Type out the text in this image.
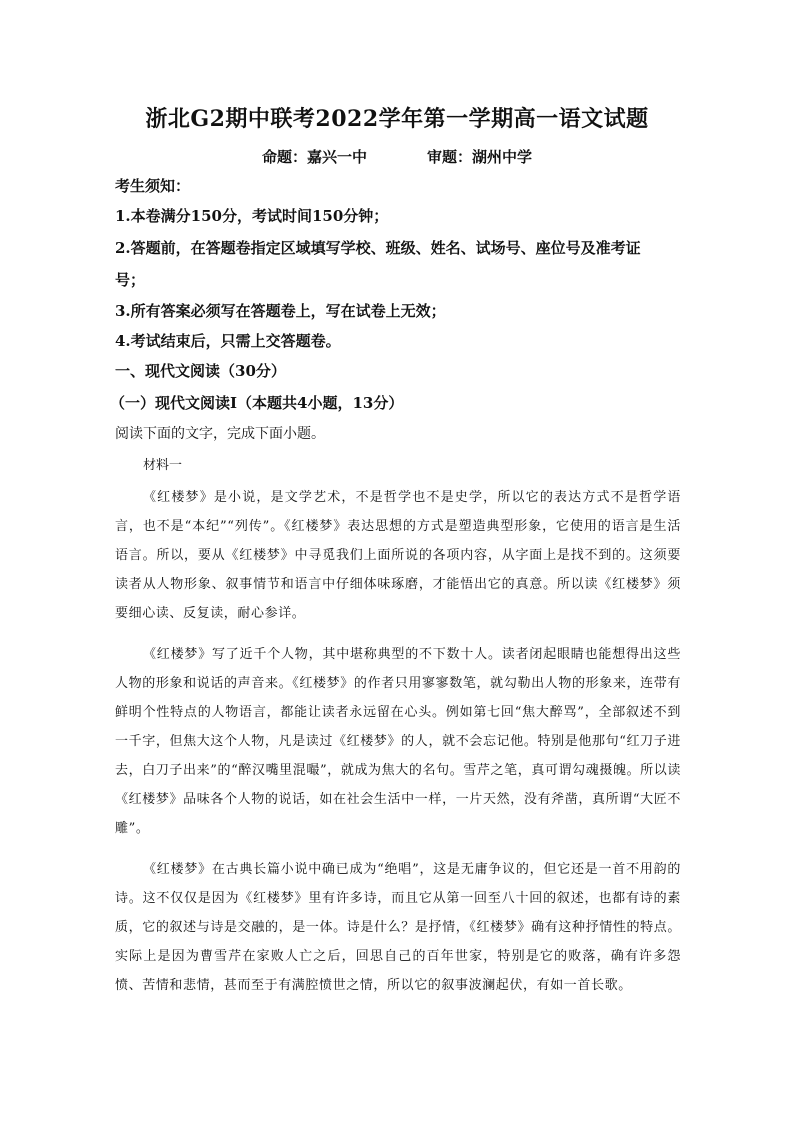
浙北G2期中联考2022学年第一学期高一语文试题
命题：嘉兴一中	审题：湖州中学
考生须知：
1.本卷满分150分，考试时间150分钟；
2.答题前，在答题卷指定区域填写学校、班级、姓名、试场号、座位号及准考证
号；
3.所有答案必须写在答题卷上，写在试卷上无效；
4.考试结束后，只需上交答题卷。
一、现代文阅读（30分）
（一）现代文阅读Ⅰ（本题共4小题，13分）
阅读下面的文字，完成下面小题。
材料一

《红楼梦》是小说，是文学艺术，不是哲学也不是史学，所以它的表达方式不是哲学语言，也不是“本纪”“列传”。《红楼梦》表达思想的方式是塑造典型形象，它使用的语言是生活语言。所以，要从《红楼梦》中寻觅我们上面所说的各项内容，从字面上是找不到的。这须要读者从人物形象、叙事情节和语言中仔细体味琢磨，才能悟出它的真意。所以读《红楼梦》须要细心读、反复读，耐心参详。

《红楼梦》写了近千个人物，其中堪称典型的不下数十人。读者闭起眼睛也能想得出这些人物的形象和说话的声音来。《红楼梦》的作者只用寥寥数笔，就勾勒出人物的形象来，连带有鲜明个性特点的人物语言，都能让读者永远留在心头。例如第七回“焦大醉骂”，全部叙述不到一千字，但焦大这个人物，凡是读过《红楼梦》的人，就不会忘记他。特别是他那句“红刀子进去，白刀子出来”的“醉汉嘴里混嘬”，就成为焦大的名句。雪芹之笔，真可谓勾魂摄魄。所以读《红楼梦》品味各个人物的说话，如在社会生活中一样，一片天然，没有斧凿，真所谓“大匠不雕”。

《红楼梦》在古典长篇小说中确已成为“绝唱”，这是无庸争议的，但它还是一首不用韵的诗。这不仅仅是因为《红楼梦》里有许多诗，而且它从第一回至八十回的叙述，也都有诗的素质，它的叙述与诗是交融的，是一体。诗是什么？是抒情，《红楼梦》确有这种抒情性的特点。实际上是因为曹雪芹在家败人亡之后，回思自己的百年世家，特别是它的败落，确有许多怨愤、苦情和悲情，甚而至于有满腔愤世之情，所以它的叙事波澜起伏，有如一首长歌。
